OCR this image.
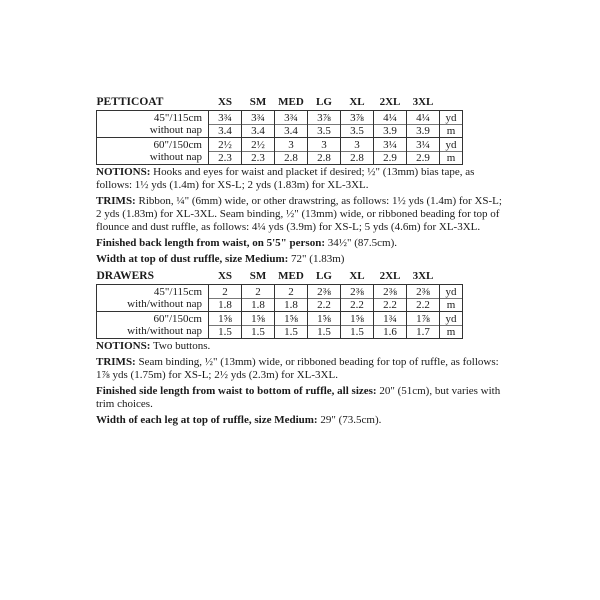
PETTICOAT	XS	SM	MED	LG	XL	2XL	3XL	
45"/115cm	3¾	3¾	3¾	3⅞	3⅞	4¼	4¼	yd
without nap	3.4	3.4	3.4	3.5	3.5	3.9	3.9	m
60"/150cm	2½	2½	3	3	3	3¼	3¼	yd
without nap	2.3	2.3	2.8	2.8	2.8	2.9	2.9	m
NOTIONS: Hooks and eyes for waist and placket if desired; ½" (13mm) bias tape, as follows: 1½ yds (1.4m) for XS-L; 2 yds (1.83m) for XL-3XL.
TRIMS: Ribbon, ¼" (6mm) wide, or other drawstring, as follows: 1½ yds (1.4m) for XS-L; 2 yds (1.83m) for XL-3XL. Seam binding, ½" (13mm) wide, or ribboned beading for top of flounce and dust ruffle, as follows: 4¼ yds (3.9m) for XS-L; 5 yds (4.6m) for XL-3XL.
Finished back length from waist, on 5'5" person: 34½" (87.5cm).
Width at top of dust ruffle, size Medium: 72" (1.83m)
DRAWERS	XS	SM	MED	LG	XL	2XL	3XL	
45"/115cm	2	2	2	2⅜	2⅜	2⅜	2⅜	yd
with/without nap	1.8	1.8	1.8	2.2	2.2	2.2	2.2	m
60"/150cm	1⅝	1⅝	1⅝	1⅝	1⅝	1¾	1⅞	yd
with/without nap	1.5	1.5	1.5	1.5	1.5	1.6	1.7	m
NOTIONS: Two buttons.
TRIMS: Seam binding, ½" (13mm) wide, or ribboned beading for top of ruffle, as follows: 1⅞ yds (1.75m) for XS-L; 2½ yds (2.3m) for XL-3XL.
Finished side length from waist to bottom of ruffle, all sizes: 20" (51cm), but varies with trim choices.
Width of each leg at top of ruffle, size Medium: 29" (73.5cm).
